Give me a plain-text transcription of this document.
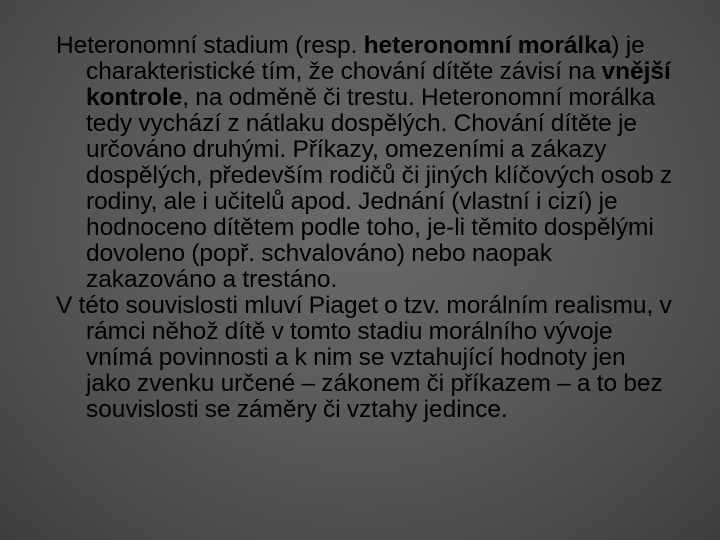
Heteronomní stadium (resp. heteronomní morálka) je charakteristické tím, že chování dítěte závisí na vnější kontrole, na odměně či trestu. Heteronomní morálka tedy vychází z nátlaku dospělých. Chování dítěte je určováno druhými. Příkazy, omezeními a zákazy dospělých, především rodičů či jiných klíčových osob z rodiny, ale i učitelů apod. Jednání (vlastní i cizí) je hodnoceno dítětem podle toho, je-li těmito dospělými dovoleno (popř. schvalováno) nebo naopak zakazováno a trestáno.

V této souvislosti mluví Piaget o tzv. morálním realismu, v rámci něhož dítě v tomto stadiu morálního vývoje vnímá povinnosti a k nim se vztahující hodnoty jen jako zvenku určené – zákonem či příkazem – a to bez souvislosti se záměry či vztahy jedince.
